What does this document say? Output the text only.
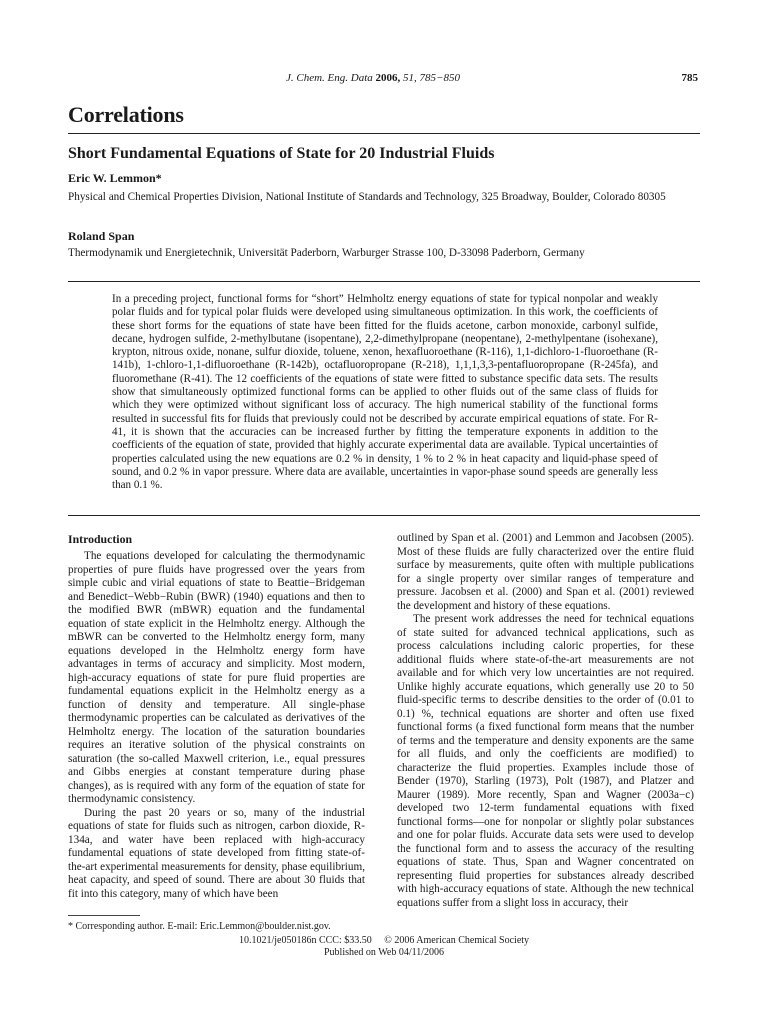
J. Chem. Eng. Data 2006, 51, 785−850	785
Correlations
Short Fundamental Equations of State for 20 Industrial Fluids
Eric W. Lemmon*
Physical and Chemical Properties Division, National Institute of Standards and Technology, 325 Broadway, Boulder, Colorado 80305
Roland Span
Thermodynamik und Energietechnik, Universität Paderborn, Warburger Strasse 100, D-33098 Paderborn, Germany
In a preceding project, functional forms for “short” Helmholtz energy equations of state for typical nonpolar and weakly polar fluids and for typical polar fluids were developed using simultaneous optimization. In this work, the coefficients of these short forms for the equations of state have been fitted for the fluids acetone, carbon monoxide, carbonyl sulfide, decane, hydrogen sulfide, 2-methylbutane (isopentane), 2,2-dimethylpropane (neopentane), 2-methylpentane (isohexane), krypton, nitrous oxide, nonane, sulfur dioxide, toluene, xenon, hexafluoroethane (R-116), 1,1-dichloro-1-fluoroethane (R-141b), 1-chloro-1,1-difluoroethane (R-142b), octafluoropropane (R-218), 1,1,1,3,3-pentafluoropropane (R-245fa), and fluoromethane (R-41). The 12 coefficients of the equations of state were fitted to substance specific data sets. The results show that simultaneously optimized functional forms can be applied to other fluids out of the same class of fluids for which they were optimized without significant loss of accuracy. The high numerical stability of the functional forms resulted in successful fits for fluids that previously could not be described by accurate empirical equations of state. For R-41, it is shown that the accuracies can be increased further by fitting the temperature exponents in addition to the coefficients of the equation of state, provided that highly accurate experimental data are available. Typical uncertainties of properties calculated using the new equations are 0.2 % in density, 1 % to 2 % in heat capacity and liquid-phase speed of sound, and 0.2 % in vapor pressure. Where data are available, uncertainties in vapor-phase sound speeds are generally less than 0.1 %.
Introduction

The equations developed for calculating the thermodynamic properties of pure fluids have progressed over the years from simple cubic and virial equations of state to Beattie−Bridgeman and Benedict−Webb−Rubin (BWR) (1940) equations and then to the modified BWR (mBWR) equation and the fundamental equation of state explicit in the Helmholtz energy. Although the mBWR can be converted to the Helmholtz energy form, many equations developed in the Helmholtz energy form have advantages in terms of accuracy and simplicity. Most modern, high-accuracy equations of state for pure fluid properties are fundamental equations explicit in the Helmholtz energy as a function of density and temperature. All single-phase thermodynamic properties can be calculated as derivatives of the Helmholtz energy. The location of the saturation boundaries requires an iterative solution of the physical constraints on saturation (the so-called Maxwell criterion, i.e., equal pressures and Gibbs energies at constant temperature during phase changes), as is required with any form of the equation of state for thermodynamic consistency.

During the past 20 years or so, many of the industrial equations of state for fluids such as nitrogen, carbon dioxide, R-134a, and water have been replaced with high-accuracy fundamental equations of state developed from fitting state-of-the-art experimental measurements for density, phase equilibrium, heat capacity, and speed of sound. There are about 30 fluids that fit into this category, many of which have been

outlined by Span et al. (2001) and Lemmon and Jacobsen (2005). Most of these fluids are fully characterized over the entire fluid surface by measurements, quite often with multiple publications for a single property over similar ranges of temperature and pressure. Jacobsen et al. (2000) and Span et al. (2001) reviewed the development and history of these equations.

The present work addresses the need for technical equations of state suited for advanced technical applications, such as process calculations including caloric properties, for these additional fluids where state-of-the-art measurements are not available and for which very low uncertainties are not required. Unlike highly accurate equations, which generally use 20 to 50 fluid-specific terms to describe densities to the order of (0.01 to 0.1) %, technical equations are shorter and often use fixed functional forms (a fixed functional form means that the number of terms and the temperature and density exponents are the same for all fluids, and only the coefficients are modified) to characterize the fluid properties. Examples include those of Bender (1970), Starling (1973), Polt (1987), and Platzer and Maurer (1989). More recently, Span and Wagner (2003a−c) developed two 12-term fundamental equations with fixed functional forms—one for nonpolar or slightly polar substances and one for polar fluids. Accurate data sets were used to develop the functional form and to assess the accuracy of the resulting equations of state. Thus, Span and Wagner concentrated on representing fluid properties for substances already described with high-accuracy equations of state. Although the new technical equations suffer from a slight loss in accuracy, their

* Corresponding author. E-mail: Eric.Lemmon@boulder.nist.gov.
10.1021/je050186n CCC: $33.50 © 2006 American Chemical Society
Published on Web 04/11/2006
